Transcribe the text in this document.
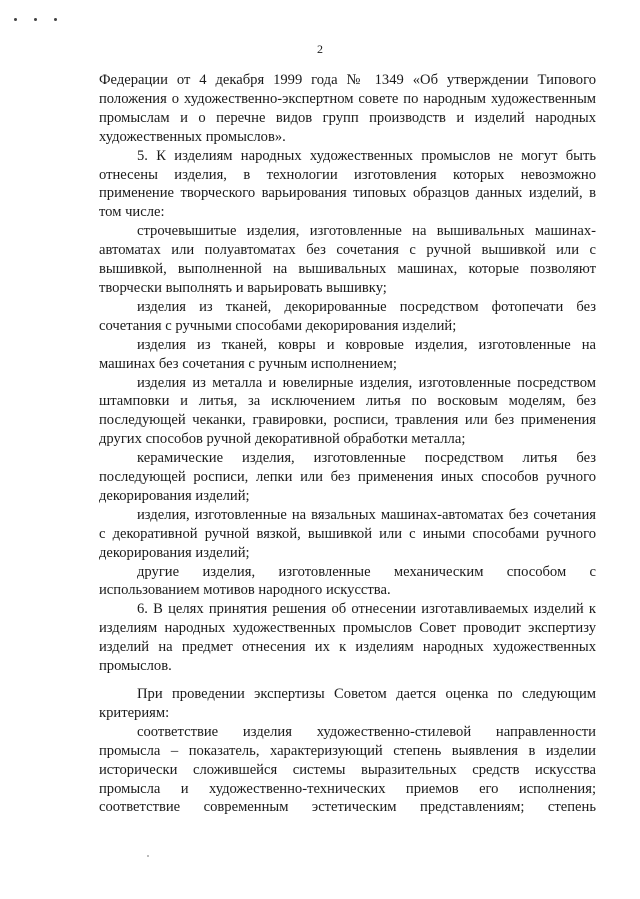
2

Федерации от 4 декабря 1999 года № 1349 «Об утверждении Типового положения о художественно-экспертном совете по народным художественным промыслам и о перечне видов групп производств и изделий народных художественных промыслов».

5. К изделиям народных художественных промыслов не могут быть отнесены изделия, в технологии изготовления которых невозможно применение творческого варьирования типовых образцов данных изделий, в том числе:

строчевышитые изделия, изготовленные на вышивальных машинах-автоматах или полуавтоматах без сочетания с ручной вышивкой или с вышивкой, выполненной на вышивальных машинах, которые позволяют творчески выполнять и варьировать вышивку;

изделия из тканей, декорированные посредством фотопечати без сочетания с ручными способами декорирования изделий;

изделия из тканей, ковры и ковровые изделия, изготовленные на машинах без сочетания с ручным исполнением;

изделия из металла и ювелирные изделия, изготовленные посредством штамповки и литья, за исключением литья по восковым моделям, без последующей чеканки, гравировки, росписи, травления или без применения других способов ручной декоративной обработки металла;

керамические изделия, изготовленные посредством литья без последующей росписи, лепки или без применения иных способов ручного декорирования изделий;

изделия, изготовленные на вязальных машинах-автоматах без сочетания с декоративной ручной вязкой, вышивкой или с иными способами ручного декорирования изделий;

другие изделия, изготовленные механическим способом с использованием мотивов народного искусства.

6. В целях принятия решения об отнесении изготавливаемых изделий к изделиям народных художественных промыслов Совет проводит экспертизу изделий на предмет отнесения их к изделиям народных художественных промыслов.

При проведении экспертизы Советом дается оценка по следующим критериям:

соответствие изделия художественно-стилевой направленности промысла – показатель, характеризующий степень выявления в изделии исторически сложившейся системы выразительных средств искусства промысла и художественно-технических приемов его исполнения; соответствие современным эстетическим представлениям; степень
